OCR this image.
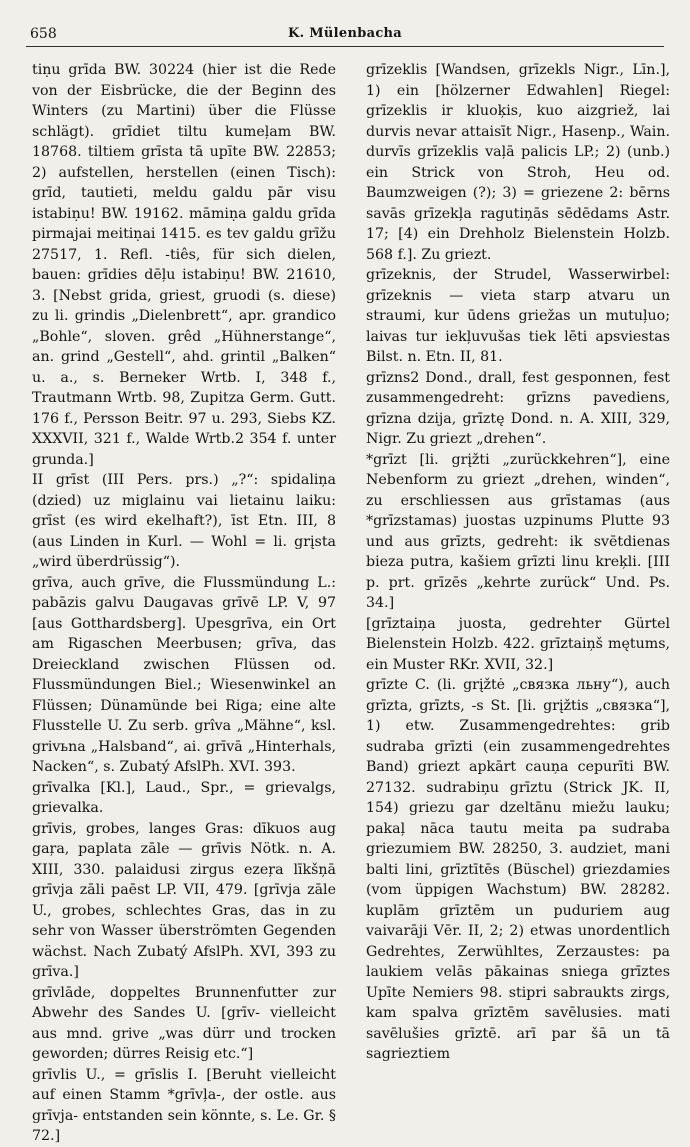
658	K. Mülenbacha

tiṇu grīda BW. 30224 (hier ist die Rede von der Eisbrücke, die der Beginn des Winters (zu Martini) über die Flüsse schlägt). grīdiet tiltu kumeļam BW. 18768. tiltiem grīsta tā upīte BW. 22853; 2) aufstellen, herstellen (einen Tisch): grīd, tautieti, meldu galdu pār visu istabiṇu! BW. 19162. māmiṇa galdu grīda pirmajai meitiṇai 1415. es tev galdu grīžu 27517, 1. Refl. -tiês, für sich dielen, bauen: grīdies dēļu istabiņu! BW. 21610, 3. [Nebst grida, griest, gruodi (s. diese) zu li. grindis „Dielenbrett“, apr. grandico „Bohle“, sloven. grêd „Hühnerstange“, an. grind „Gestell“, ahd. grintil „Balken“ u. a., s. Berneker Wrtb. I, 348 f., Trautmann Wrtb. 98, Zupitza Germ. Gutt. 176 f., Persson Beitr. 97 u. 293, Siebs KZ. XXXVII, 321 f., Walde Wrtb.2 354 f. unter grunda.]

II grīst (III Pers. prs.) „?“: spidaliņa (dzied) uz miglainu vai lietainu laiku: grīst (es wird ekelhaft?), īst Etn. III, 8 (aus Linden in Kurl. — Wohl = li. grįsta „wird überdrüssig“).

grīva, auch grīve, die Flussmündung L.: pabāzis galvu Daugavas grīvē LP. V, 97 [aus Gotthardsberg]. Upesgrīva, ein Ort am Rigaschen Meerbusen; grīva, das Dreieckland zwischen Flüssen od. Flussmündungen Biel.; Wiesenwinkel an Flüssen; Dünamünde bei Riga; eine alte Flusstelle U. Zu serb. grîva „Mähne“, ksl. grivьna „Halsband“, ai. grīvā „Hinterhals, Nacken“, s. Zubatý AfslPh. XVI. 393.

grīvalka [Kl.], Laud., Spr., = grievalgs, grievalka.

grīvis, grobes, langes Gras: dīkuos aug gaŗa, paplata zāle — grīvis Nötk. n. A. XIII, 330. palaidusi zirgus ezeŗa līkšņā grīvja zāli paēst LP. VII, 479. [grīvja zāle U., grobes, schlechtes Gras, das in zu sehr von Wasser überströmten Gegenden wächst. Nach Zubatý AfslPh. XVI, 393 zu grīva.]

grīvlāde, doppeltes Brunnenfutter zur Abwehr des Sandes U. [grīv- vielleicht aus mnd. grive „was dürr und trocken geworden; dürres Reisig etc.“]

grīvlis U., = grīslis I. [Beruht vielleicht auf einen Stamm *grīvļa-, der ostle. aus grīvja- entstanden sein könnte, s. Le. Gr. § 72.]

grīzeklis [Wandsen, grīzekls Nigr., Līn.], 1) ein [hölzerner Edwahlen] Riegel: grīzeklis ir kluoķis, kuo aizgriež, lai durvis nevar attaisīt Nigr., Hasenp., Wain. durvīs grīzeklis vaļā palicis LP.; 2) (unb.) ein Strick von Stroh, Heu od. Baumzweigen (?); 3) = griezene 2: bērns savās grīzekļa ragutiņās sēdēdams Astr. 17; [4) ein Drehholz Bielenstein Holzb. 568 f.]. Zu griezt.

grīzeknis, der Strudel, Wasserwirbel: grīzeknis — vieta starp atvaru un straumi, kur ūdens griežas un mutuļuo; laivas tur iekļuvušas tiek lēti apsviestas Bilst. n. Etn. II, 81.

grīzns2 Dond., drall, fest gesponnen, fest zusammengedreht: grīzns pavediens, grīzna dzija, grīztę Dond. n. A. XIII, 329, Nigr. Zu griezt „drehen“.

*grīzt [li. grįžti „zurückkehren“], eine Nebenform zu griezt „drehen, winden“, zu erschliessen aus grīstamas (aus *grīzstamas) juostas uzpinums Plutte 93 und aus grīzts, gedreht: ik svētdienas bieza putra, kašiem grīzti linu kreķli. [III p. prt. grīzēs „kehrte zurück“ Und. Ps. 34.]

[grīztaiņa juosta, gedrehter Gürtel Bielenstein Holzb. 422. grīztaiņš mętums, ein Muster RKr. XVII, 32.]

grīzte C. (li. grįžtė „связка льну“), auch grīzta, grīzts, -s St. [li. grįžtis „связка“], 1) etw. Zusammengedrehtes: grib sudraba grīzti (ein zusammengedrehtes Band) griezt apkārt cauņa cepurīti BW. 27132. sudrabiņu grīztu (Strick JK. II, 154) griezu gar dzeltānu miežu lauku; pakaļ nāca tautu meita pa sudraba griezumiem BW. 28250, 3. audziet, mani balti lini, grīztītēs (Büschel) griezdamies (vom üppigen Wachstum) BW. 28282. kuplām grīztēm un puduriem aug vaivarāji Vēr. II, 2; 2) etwas unordentlich Gedrehtes, Zerwühltes, Zerzaustes: pa laukiem velās pākainas sniega grīztes Upīte Nemiers 98. stipri sabraukts zirgs, kam spalva grīztēm savēlusies. mati savēlušies grīztē. arī par šā un tā sagrieztiem
